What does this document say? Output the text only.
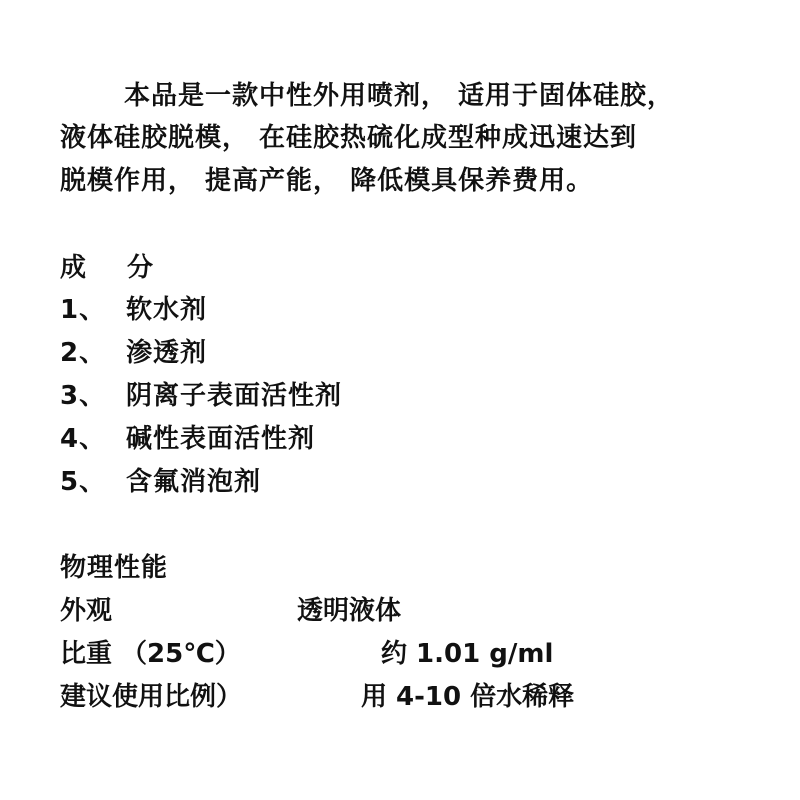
本品是一款中性外用喷剂， 适用于固体硅胶，
液体硅胶脱模， 在硅胶热硫化成型种成迅速达到
脱模作用， 提高产能， 降低模具保养费用。
成 分
1、 软水剂
2、 渗透剂
3、 阴离子表面活性剂
4、 碱性表面活性剂
5、 含氟消泡剂
物理性能
外观	透明液体
比重 （25℃）	约 1.01 g/ml
建议使用比例）	用 4-10 倍水稀释
